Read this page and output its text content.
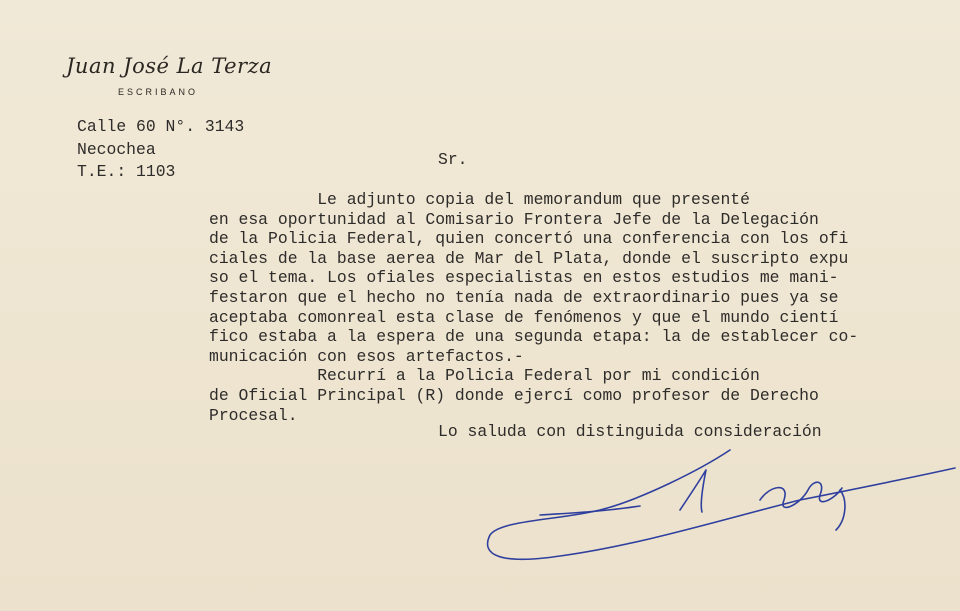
Juan José La Terza
ESCRIBANO
Calle 60 N°. 3143
Necochea
T.E.: 1103
Sr.
Le adjunto copia del memorandum que presenté
en esa oportunidad al Comisario Frontera Jefe de la Delegación
de la Policia Federal, quien concertó una conferencia con los ofi
ciales de la base aerea de Mar del Plata, donde el suscripto expu
so el tema. Los ofiales especialistas en estos estudios me mani-
festaron que el hecho no tenía nada de extraordinario pues ya se
aceptaba comonreal esta clase de fenómenos y que el mundo cientí
fico estaba a la espera de una segunda etapa: la de establecer co-
municación con esos artefactos.-
Recurrí a la Policia Federal por mi condición
de Oficial Principal (R) donde ejercí como profesor de Derecho
Procesal.
Lo saluda con distinguida consideración
